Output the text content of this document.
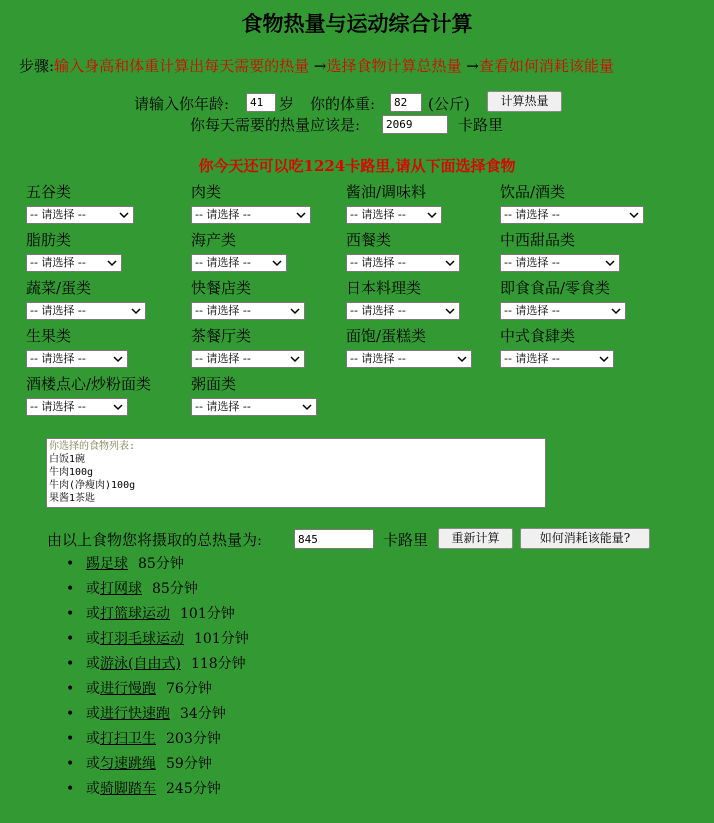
食物热量与运动综合计算
步骤:输入身高和体重计算出每天需要的热量 →选择食物计算总热量 →查看如何消耗该能量
请输入你年龄:
41	岁 你的体重:
82	(公斤)	计算热量
你每天需要的热量应该是:
2069	卡路里
你今天还可以吃1224卡路里,请从下面选择食物
五谷类
-- 请选择 --
肉类
-- 请选择 --
酱油/调味料
-- 请选择 --
饮品/酒类
-- 请选择 --
脂肪类
-- 请选择 --
海产类
-- 请选择 --
西餐类
-- 请选择 --
中西甜品类
-- 请选择 --
蔬菜/蛋类
-- 请选择 --
快餐店类
-- 请选择 --
日本料理类
-- 请选择 --
即食食品/零食类
-- 请选择 --
生果类
-- 请选择 --
茶餐厅类
-- 请选择 --
面饱/蛋糕类
-- 请选择 --
中式食肆类
-- 请选择 --
酒楼点心/炒粉面类
-- 请选择 --
粥面类
-- 请选择 --
你选择的食物列表:
白饭1碗
牛肉100g
牛肉(净瘦肉)100g
果酱1茶匙
由以上食物您将摄取的总热量为:
845	卡路里	重新计算	如何消耗该能量?
• 踢足球 85分钟
• 或打网球 85分钟
• 或打篮球运动 101分钟
• 或打羽毛球运动 101分钟
• 或游泳(自由式) 118分钟
• 或进行慢跑 76分钟
• 或进行快速跑 34分钟
• 或打扫卫生 203分钟
• 或匀速跳绳 59分钟
• 或骑脚踏车 245分钟
